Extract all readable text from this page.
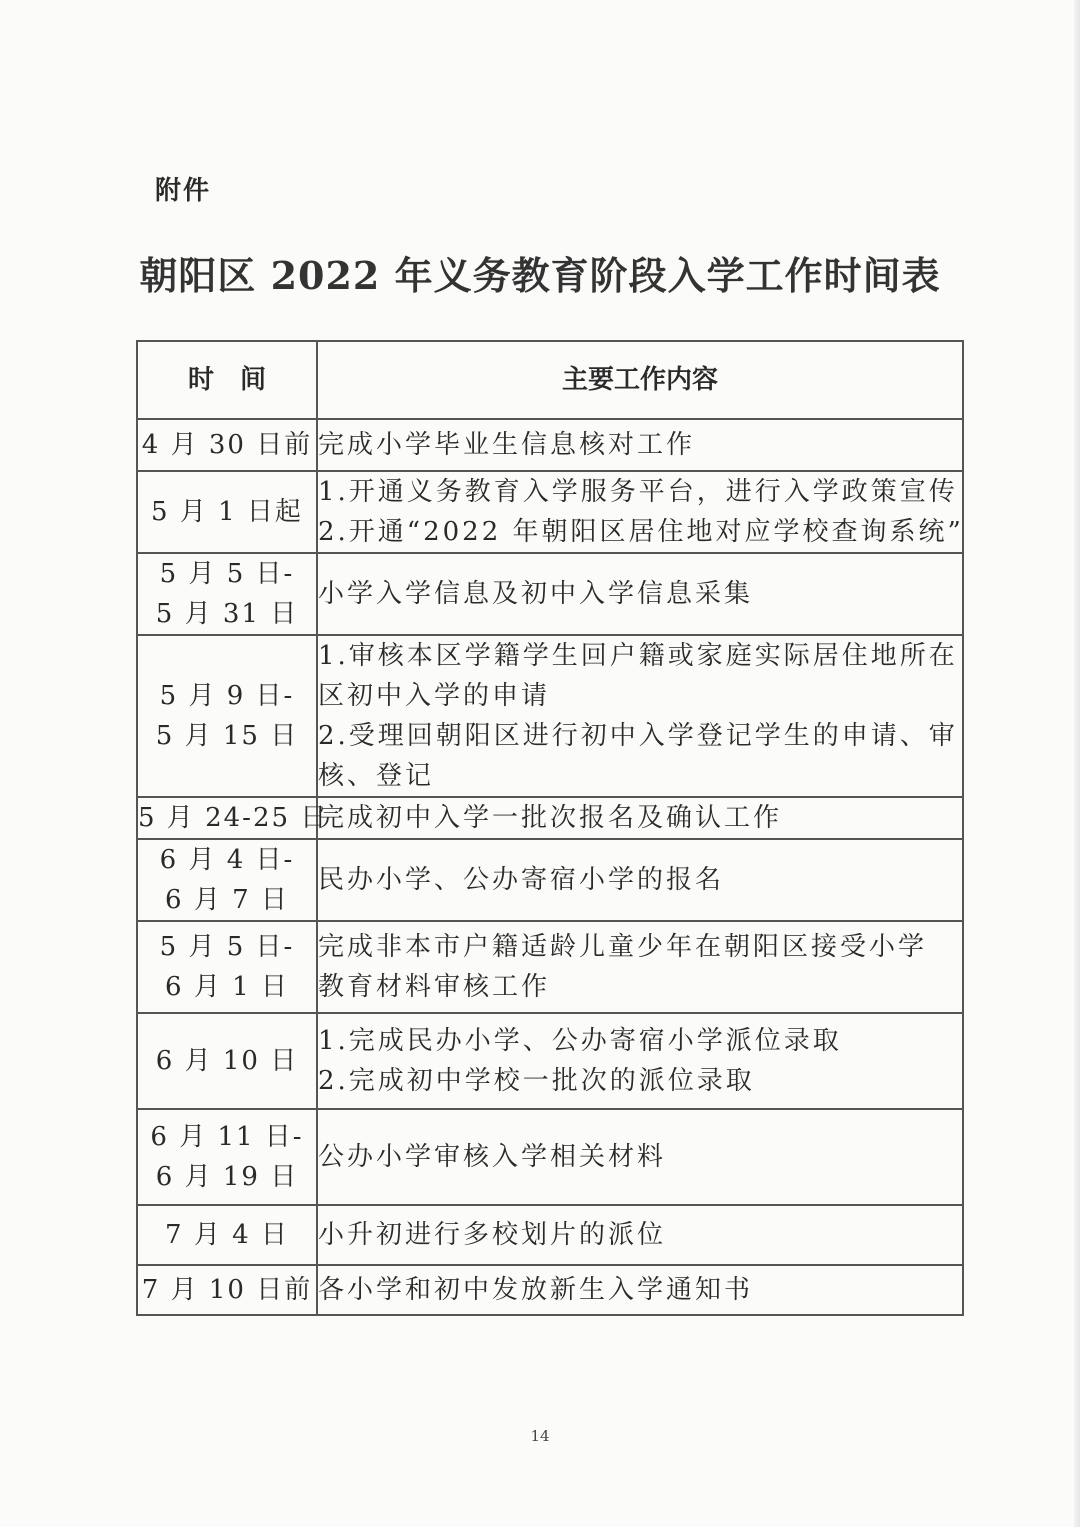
附件
朝阳区 2022 年义务教育阶段入学工作时间表
时　间	主要工作内容

4 月 30 日前	完成小学毕业生信息核对工作

5 月 1 日起	1.开通义务教育入学服务平台，进行入学政策宣传
2.开通“2022 年朝阳区居住地对应学校查询系统”

5 月 5 日-
5 月 31 日	小学入学信息及初中入学信息采集

5 月 9 日-
5 月 15 日	1.审核本区学籍学生回户籍或家庭实际居住地所在
区初中入学的申请
2.受理回朝阳区进行初中入学登记学生的申请、审
核、登记

5 月 24-25 日	完成初中入学一批次报名及确认工作

6 月 4 日-
6 月 7 日	民办小学、公办寄宿小学的报名

5 月 5 日-
6 月 1 日	完成非本市户籍适龄儿童少年在朝阳区接受小学
教育材料审核工作

6 月 10 日	1.完成民办小学、公办寄宿小学派位录取
2.完成初中学校一批次的派位录取

6 月 11 日-
6 月 19 日	公办小学审核入学相关材料

7 月 4 日	小升初进行多校划片的派位

7 月 10 日前	各小学和初中发放新生入学通知书
14
